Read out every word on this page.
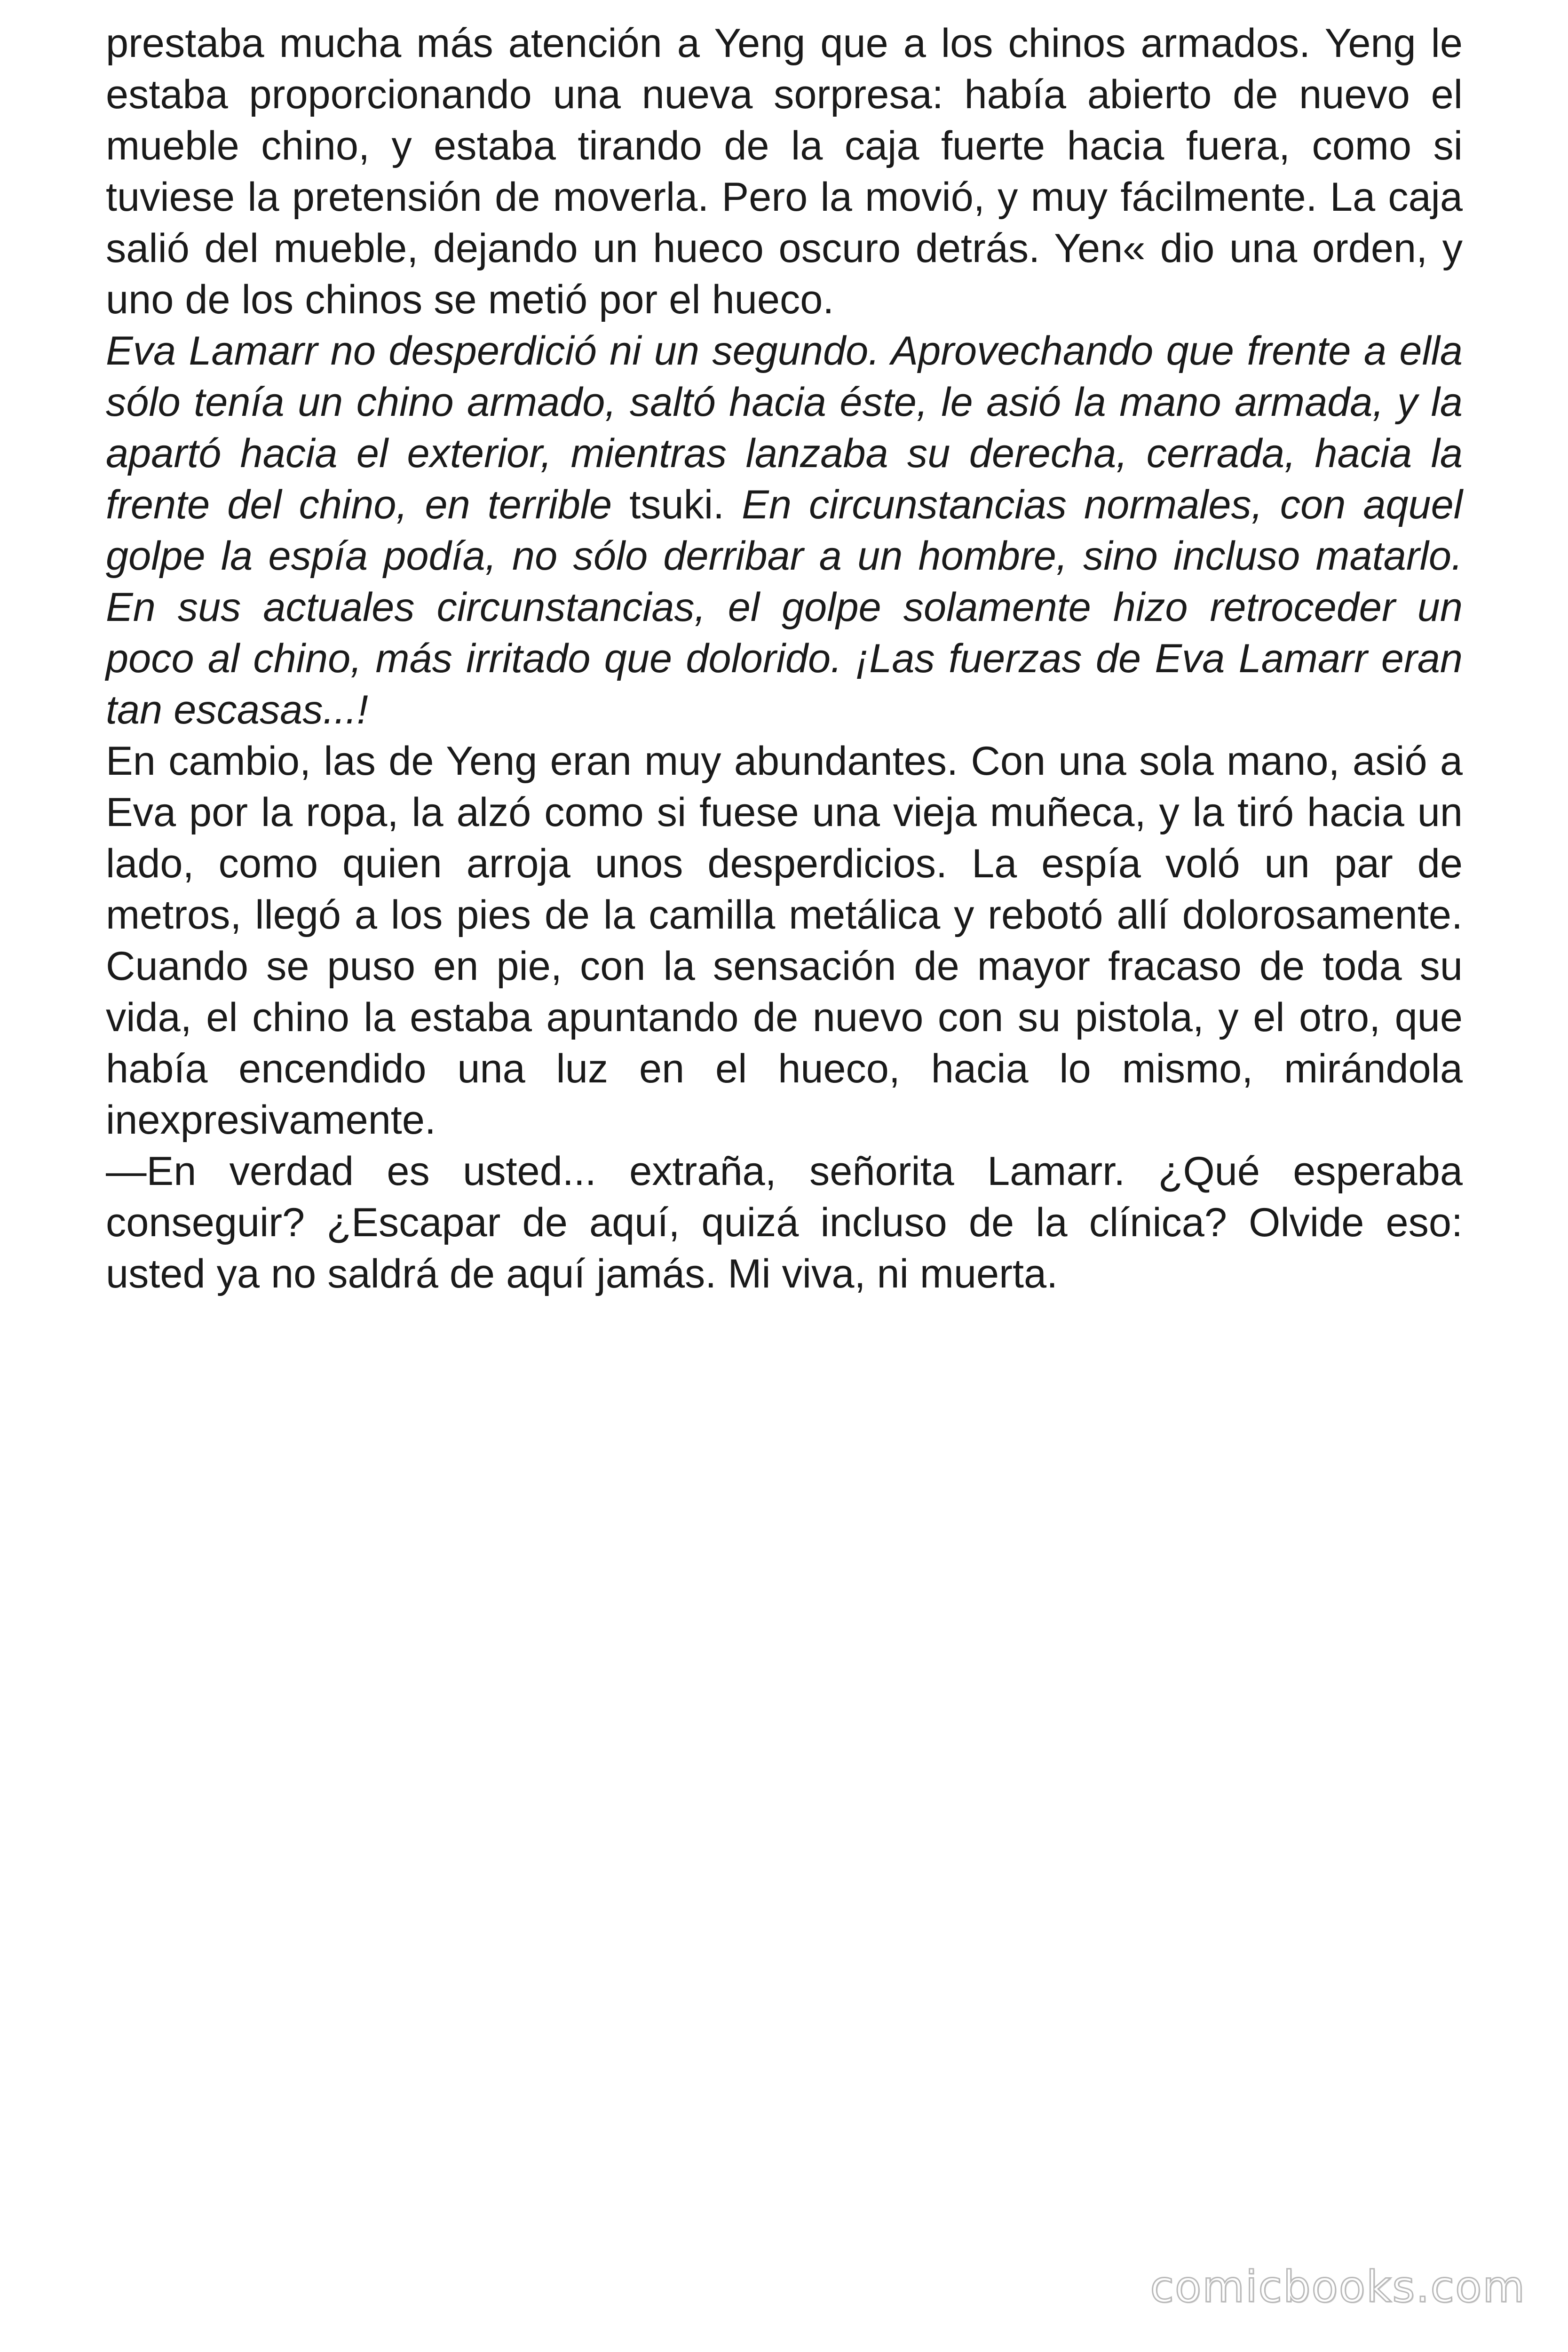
prestaba mucha más atención a Yeng que a los chinos armados. Yeng le estaba proporcionando una nueva sorpresa: había abierto de nuevo el mueble chino, y estaba tirando de la caja fuerte hacia fuera, como si tuviese la pretensión de moverla. Pero la movió, y muy fácilmente. La caja salió del mueble, dejando un hueco oscuro detrás. Yen« dio una orden, y uno de los chinos se metió por el hueco.

Eva Lamarr no desperdició ni un segundo. Aprovechando que frente a ella sólo tenía un chino armado, saltó hacia éste, le asió la mano armada, y la apartó hacia el exterior, mientras lanzaba su derecha, cerrada, hacia la frente del chino, en terrible tsuki. En circunstancias normales, con aquel golpe la espía podía, no sólo derribar a un hombre, sino incluso matarlo. En sus actuales circunstancias, el golpe solamente hizo retroceder un poco al chino, más irritado que dolorido. ¡Las fuerzas de Eva Lamarr eran tan escasas...!

En cambio, las de Yeng eran muy abundantes. Con una sola mano, asió a Eva por la ropa, la alzó como si fuese una vieja muñeca, y la tiró hacia un lado, como quien arroja unos desperdicios. La espía voló un par de metros, llegó a los pies de la camilla metálica y rebotó allí dolorosamente. Cuando se puso en pie, con la sensación de mayor fracaso de toda su vida, el chino la estaba apuntando de nuevo con su pistola, y el otro, que había encendido una luz en el hueco, hacia lo mismo, mirándola inexpresivamente.

—En verdad es usted... extraña, señorita Lamarr. ¿Qué esperaba conseguir? ¿Escapar de aquí, quizá incluso de la clínica? Olvide eso: usted ya no saldrá de aquí jamás. Mi viva, ni muerta.

comicbooks.com
